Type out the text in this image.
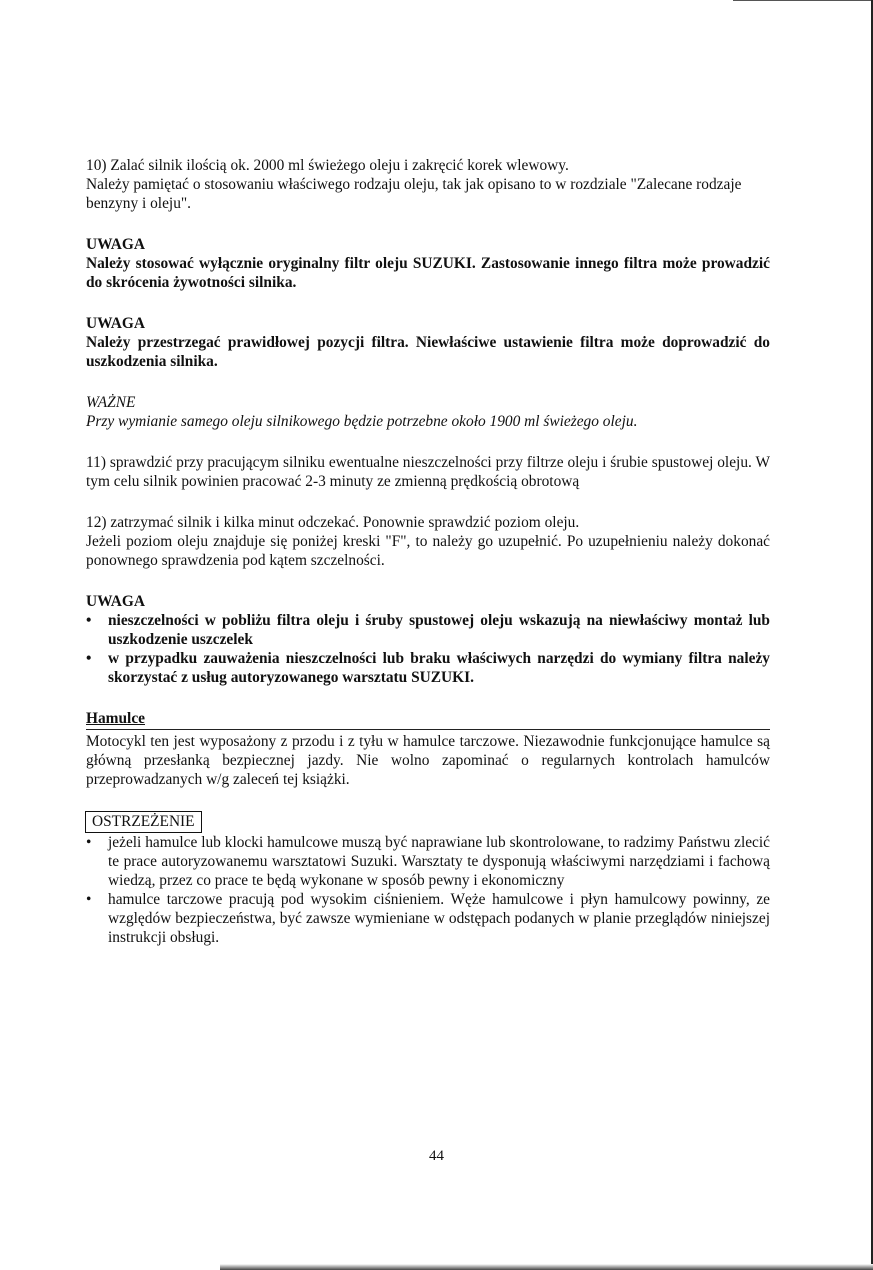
10) Zalać silnik ilością ok. 2000 ml świeżego oleju i zakręcić korek wlewowy.

Należy pamiętać o stosowaniu właściwego rodzaju oleju, tak jak opisano to w rozdziale "Zalecane rodzaje benzyny i oleju".

UWAGA

Należy stosować wyłącznie oryginalny filtr oleju SUZUKI. Zastosowanie innego filtra może prowadzić do skrócenia żywotności silnika.

UWAGA

Należy przestrzegać prawidłowej pozycji filtra. Niewłaściwe ustawienie filtra może doprowadzić do uszkodzenia silnika.

WAŻNE

Przy wymianie samego oleju silnikowego będzie potrzebne około 1900 ml świeżego oleju.

11) sprawdzić przy pracującym silniku ewentualne nieszczelności przy filtrze oleju i śrubie spustowej oleju. W tym celu silnik powinien pracować 2-3 minuty ze zmienną prędkością obrotową

12) zatrzymać silnik i kilka minut odczekać. Ponownie sprawdzić poziom oleju.

Jeżeli poziom oleju znajduje się poniżej kreski "F", to należy go uzupełnić. Po uzupełnieniu należy dokonać ponownego sprawdzenia pod kątem szczelności.

UWAGA

•	nieszczelności w pobliżu filtra oleju i śruby spustowej oleju wskazują na niewłaściwy montaż lub uszkodzenie uszczelek
•	w przypadku zauważenia nieszczelności lub braku właściwych narzędzi do wymiany filtra należy skorzystać z usług autoryzowanego warsztatu SUZUKI.

Hamulce

Motocykl ten jest wyposażony z przodu i z tyłu w hamulce tarczowe. Niezawodnie funkcjonujące hamulce są główną przesłanką bezpiecznej jazdy. Nie wolno zapominać o regularnych kontrolach hamulców przeprowadzanych w/g zaleceń tej książki.

OSTRZEŻENIE
•	jeżeli hamulce lub klocki hamulcowe muszą być naprawiane lub skontrolowane, to radzimy Państwu zlecić te prace autoryzowanemu warsztatowi Suzuki. Warsztaty te dysponują właściwymi narzędziami i fachową wiedzą, przez co prace te będą wykonane w sposób pewny i ekonomiczny
•	hamulce tarczowe pracują pod wysokim ciśnieniem. Węże hamulcowe i płyn hamulcowy powinny, ze względów bezpieczeństwa, być zawsze wymieniane w odstępach podanych w planie przeglądów niniejszej instrukcji obsługi.
44
